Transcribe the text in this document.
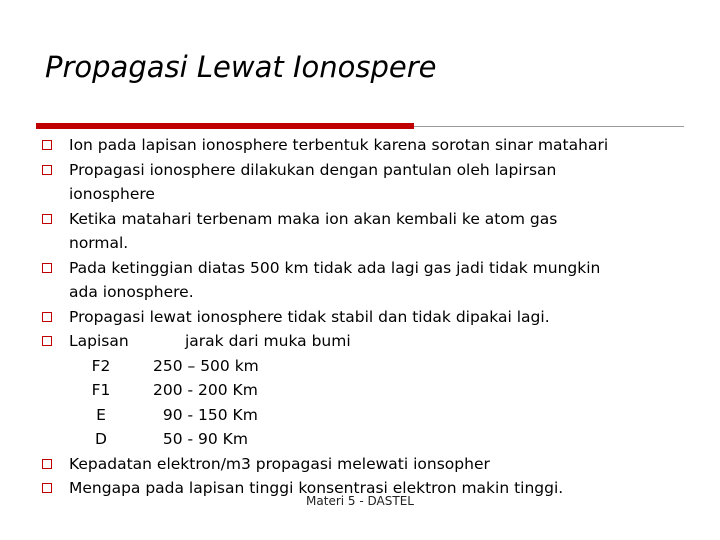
Propagasi Lewat Ionospere
Ion pada lapisan ionosphere terbentuk karena sorotan sinar matahari
Propagasi ionosphere dilakukan dengan pantulan oleh lapirsan
ionosphere
Ketika matahari terbenam maka ion akan kembali ke atom gas
normal.
Pada ketinggian diatas 500 km tidak ada lagi gas jadi tidak mungkin
ada ionosphere.
Propagasi lewat ionosphere tidak stabil dan tidak dipakai lagi.
Lapisan	jarak dari muka bumi
F2	250 – 500 km
F1	200 - 200 Km
E	90 - 150 Km
D	50 - 90 Km
Kepadatan elektron/m3 propagasi melewati ionsopher
Mengapa pada lapisan tinggi konsentrasi elektron makin tinggi.
Materi 5 - DASTEL
